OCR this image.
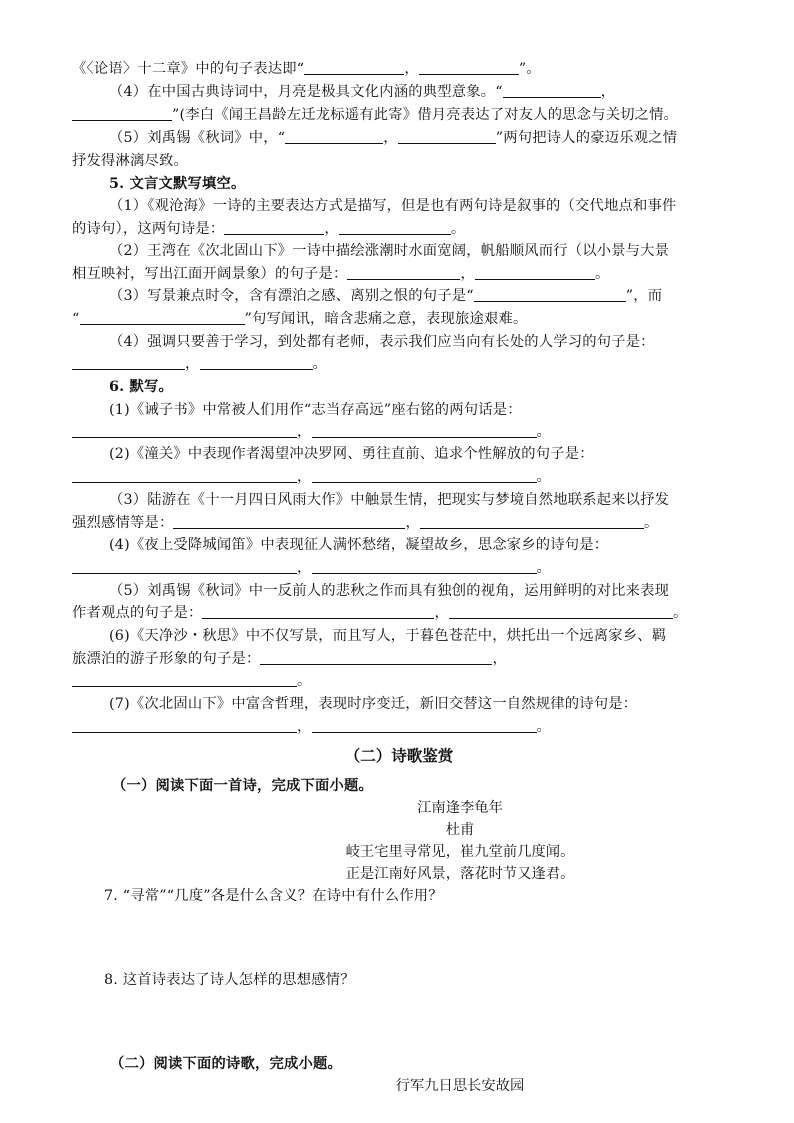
《〈论语〉十二章》中的句子表达即“	，	”。
（4）在中国古典诗词中，月亮是极具文化内涵的典型意象。“	，
”(李白《闻王昌龄左迁龙标遥有此寄》借月亮表达了对友人的思念与关切之情。
（5）刘禹锡《秋词》中，“	，	”两句把诗人的豪迈乐观之情
抒发得淋漓尽致。
5. 文言文默写填空。
（1）《观沧海》一诗的主要表达方式是描写，但是也有两句诗是叙事的（交代地点和事件
的诗句），这两句诗是：	，	。
（2）王湾在《次北固山下》一诗中描绘涨潮时水面宽阔，帆船顺风而行（以小景与大景
相互映衬，写出江面开阔景象）的句子是：	，	。
（3）写景兼点时令，含有漂泊之感、离别之恨的句子是“	”，而
“	”句写闻讯，暗含悲痛之意，表现旅途艰难。
（4）强调只要善于学习，到处都有老师，表示我们应当向有长处的人学习的句子是：
，	。
6. 默写。
(1)《诫子书》中常被人们用作“志当存高远”座右铭的两句话是：
，	。
(2)《潼关》中表现作者渴望冲决罗网、勇往直前、追求个性解放的句子是：
，	。
（3）陆游在《十一月四日风雨大作》中触景生情，把现实与梦境自然地联系起来以抒发
强烈感情等是：	，	。
(4)《夜上受降城闻笛》中表现征人满怀愁绪，凝望故乡，思念家乡的诗句是：
，	。
（5）刘禹锡《秋词》中一反前人的悲秋之作而具有独创的视角，运用鲜明的对比来表现
作者观点的句子是：	，	。
(6)《天净沙・秋思》中不仅写景，而且写人，于暮色苍茫中，烘托出一个远离家乡、羁
旅漂泊的游子形象的句子是：	，
。
(7)《次北固山下》中富含哲理，表现时序变迁，新旧交替这一自然规律的诗句是：
，	。
（二）诗歌鉴赏
（一）阅读下面一首诗，完成下面小题。
江南逢李龟年
杜甫
岐王宅里寻常见，崔九堂前几度闻。
正是江南好风景，落花时节又逢君。
7. “寻常”“几度”各是什么含义？在诗中有什么作用？
8. 这首诗表达了诗人怎样的思想感情？
（二）阅读下面的诗歌，完成小题。
行军九日思长安故园
